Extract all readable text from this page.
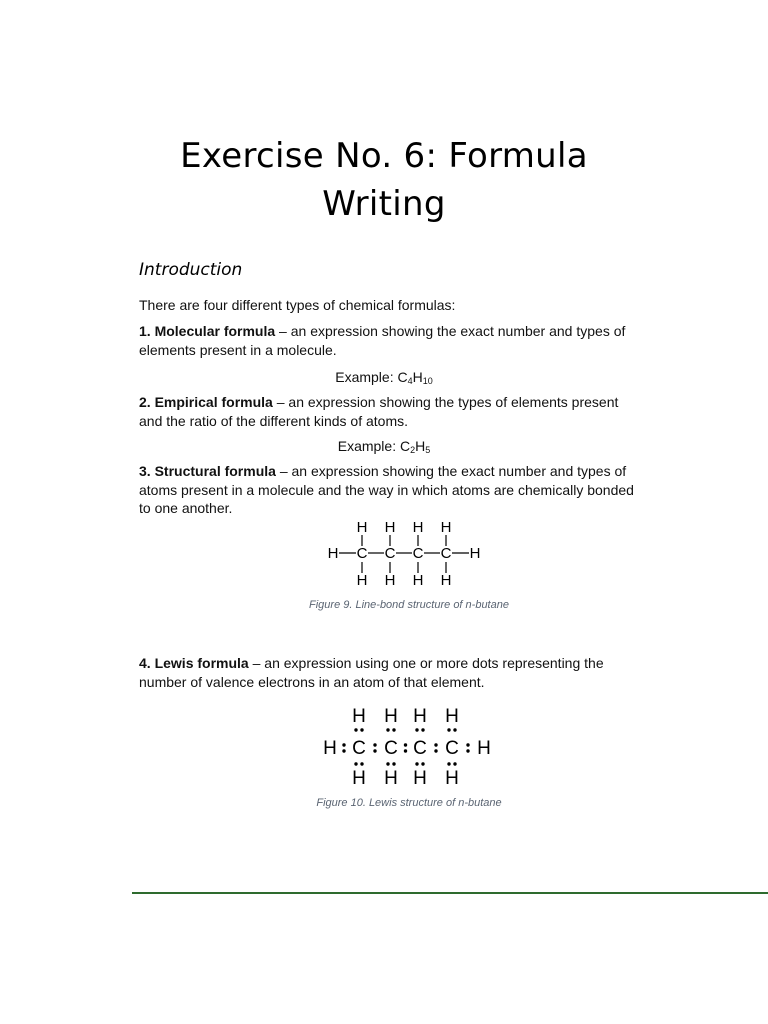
Exercise No. 6: Formula
Writing
Introduction

There are four different types of chemical formulas:

1. Molecular formula – an expression showing the exact number and types of elements present in a molecule.

Example: $C_4H_{10}$

2. Empirical formula – an expression showing the types of elements present and the ratio of the different kinds of atoms.

Example: $C_2H_5$

3. Structural formula – an expression showing the exact number and types of atoms present in a molecule and the way in which atoms are chemically bonded to one another.

C
H
H
C
H
H
C
H
H
C
H
H
H	H

Figure 9. Line-bond structure of n-butane

4. Lewis formula – an expression using one or more dots representing the number of valence electrons in an atom of that element.

C
H
H
C
H
H
C
H
H
C
H
H
H	H

Figure 10. Lewis structure of n-butane
